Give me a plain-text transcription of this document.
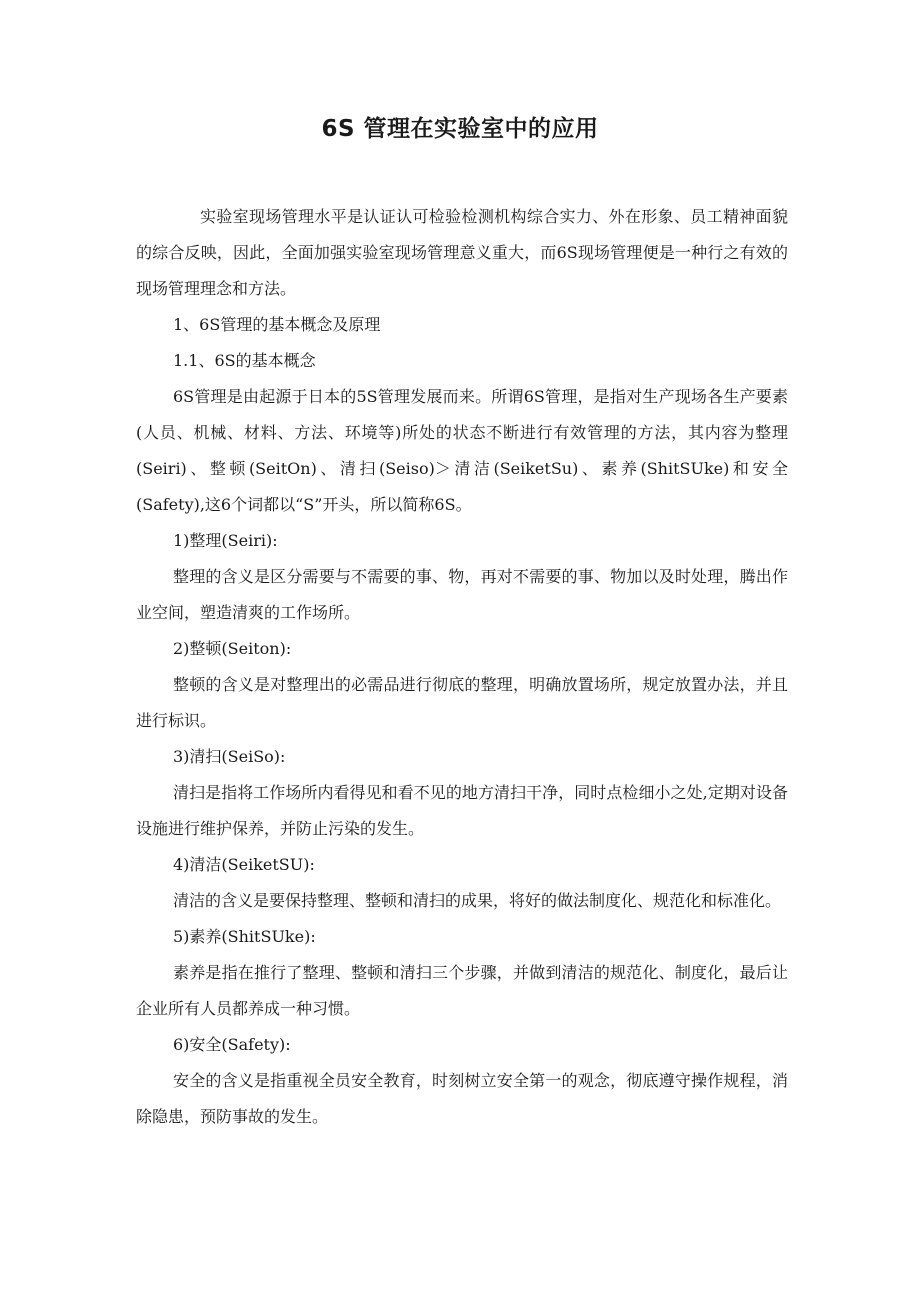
6S 管理在实验室中的应用

实验室现场管理水平是认证认可检验检测机构综合实力、外在形象、员工精神面貌的综合反映，因此，全面加强实验室现场管理意义重大，而6S现场管理便是一种行之有效的现场管理理念和方法。

1、6S管理的基本概念及原理

1.1、6S的基本概念

6S管理是由起源于日本的5S管理发展而来。所谓6S管理，是指对生产现场各生产要素(人员、机械、材料、方法、环境等)所处的状态不断进行有效管理的方法，其内容为整理(Seiri)、整顿(SeitOn)、清扫(Seiso)＞清洁(SeiketSu)、素养(ShitSUke)和安全(Safety),这6个词都以“S”开头，所以简称6S。

1)整理(Seiri):

整理的含义是区分需要与不需要的事、物，再对不需要的事、物加以及时处理，腾出作业空间，塑造清爽的工作场所。

2)整顿(Seiton):

整顿的含义是对整理出的必需品进行彻底的整理，明确放置场所，规定放置办法，并且进行标识。

3)清扫(SeiSo):

清扫是指将工作场所内看得见和看不见的地方清扫干净，同时点检细小之处,定期对设备设施进行维护保养，并防止污染的发生。

4)清洁(SeiketSU):

清洁的含义是要保持整理、整顿和清扫的成果，将好的做法制度化、规范化和标准化。

5)素养(ShitSUke):

素养是指在推行了整理、整顿和清扫三个步骤，并做到清洁的规范化、制度化，最后让企业所有人员都养成一种习惯。

6)安全(Safety):

安全的含义是指重视全员安全教育，时刻树立安全第一的观念，彻底遵守操作规程，消除隐患，预防事故的发生。
